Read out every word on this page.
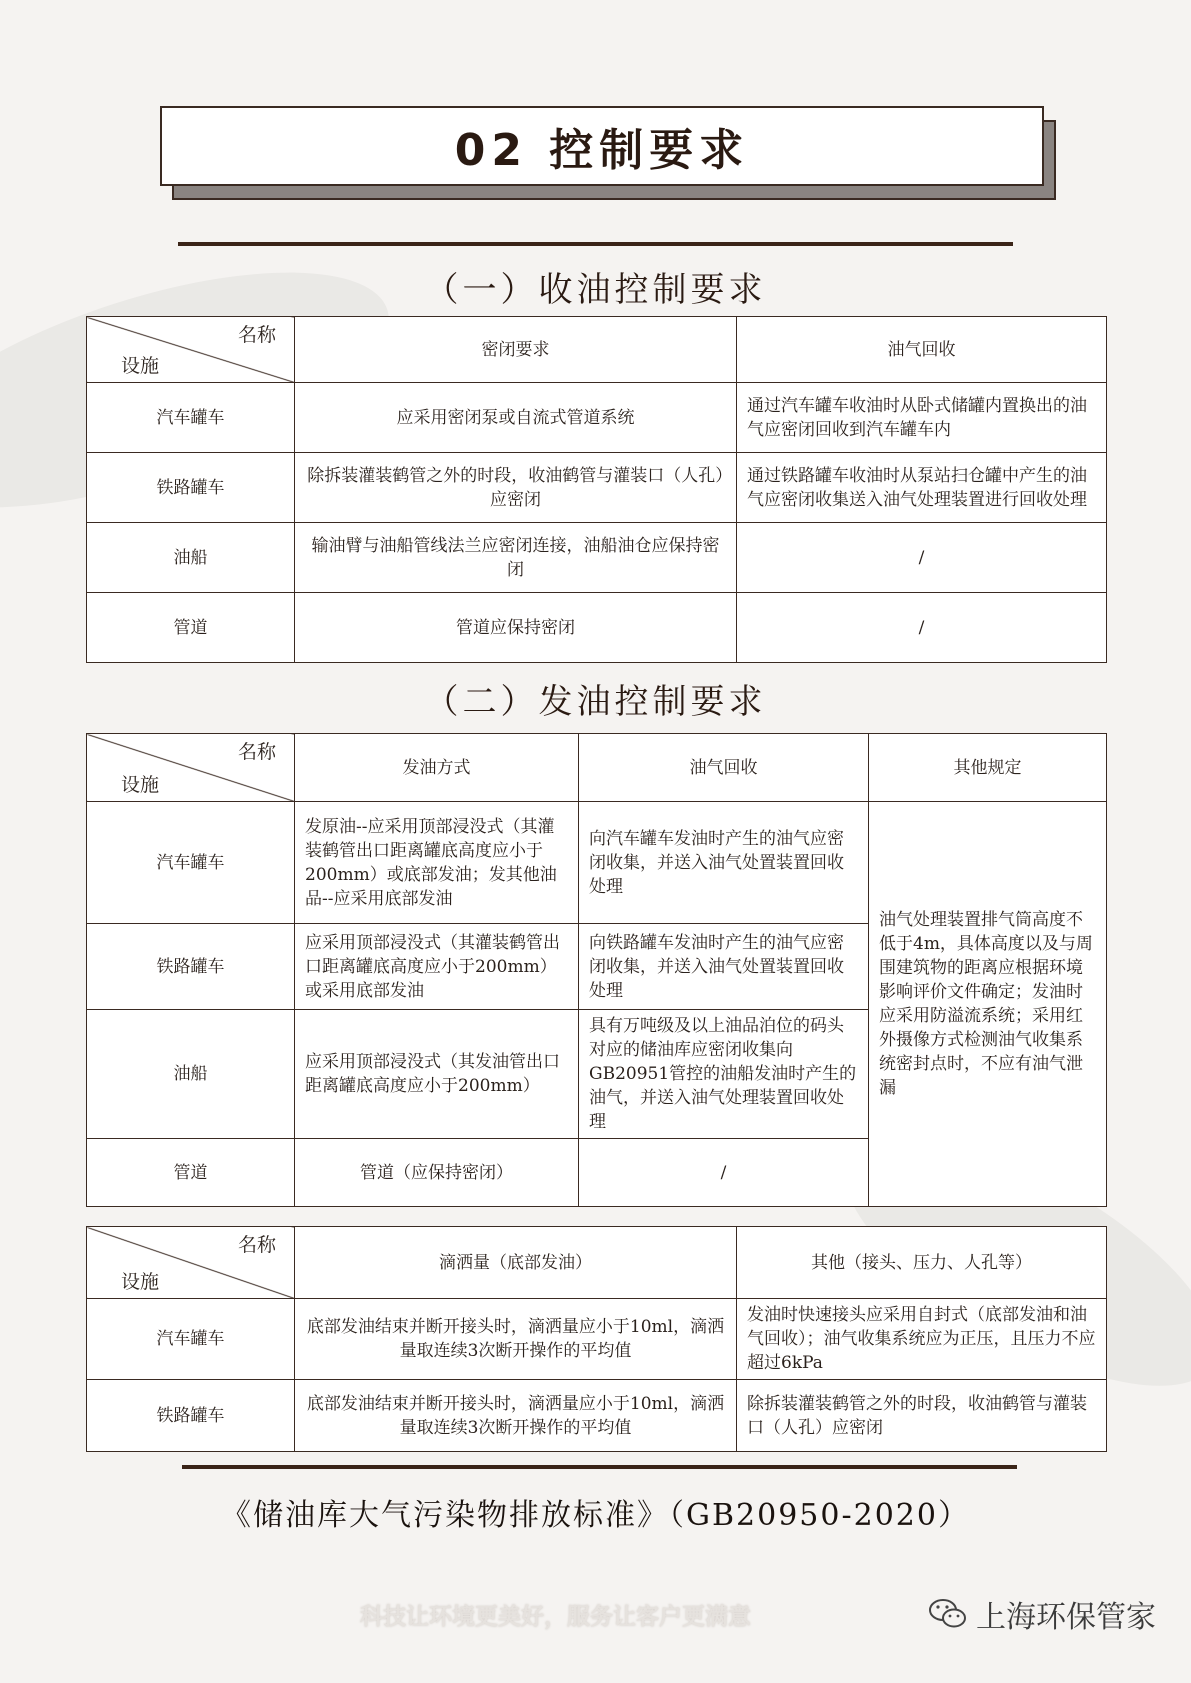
02 控制要求
（一）收油控制要求
名称
设施	密闭要求	油气回收
汽车罐车	应采用密闭泵或自流式管道系统	通过汽车罐车收油时从卧式储罐内置换出的油气应密闭回收到汽车罐车内
铁路罐车	除拆装灌装鹤管之外的时段，收油鹤管与灌装口（人孔）应密闭	通过铁路罐车收油时从泵站扫仓罐中产生的油气应密闭收集送入油气处理装置进行回收处理
油船	输油臂与油船管线法兰应密闭连接，油船油仓应保持密闭	/
管道	管道应保持密闭	/
（二）发油控制要求
名称
设施	发油方式	油气回收	其他规定
汽车罐车	发原油--应采用顶部浸没式（其灌装鹤管出口距离罐底高度应小于200mm）或底部发油；发其他油品--应采用底部发油	向汽车罐车发油时产生的油气应密闭收集，并送入油气处置装置回收处理	油气处理装置排气筒高度不低于4m，具体高度以及与周围建筑物的距离应根据环境影响评价文件确定；发油时应采用防溢流系统；采用红外摄像方式检测油气收集系统密封点时，不应有油气泄漏
铁路罐车	应采用顶部浸没式（其灌装鹤管出口距离罐底高度应小于200mm）或采用底部发油	向铁路罐车发油时产生的油气应密闭收集，并送入油气处置装置回收处理	
油船	应采用顶部浸没式（其发油管出口距离罐底高度应小于200mm）	具有万吨级及以上油品泊位的码头对应的储油库应密闭收集向GB20951管控的油船发油时产生的油气，并送入油气处理装置回收处理	
管道	管道（应保持密闭）	/	
名称
设施	滴洒量（底部发油）	其他（接头、压力、人孔等）
汽车罐车	底部发油结束并断开接头时，滴洒量应小于10ml，滴洒量取连续3次断开操作的平均值	发油时快速接头应采用自封式（底部发油和油气回收）；油气收集系统应为正压，且压力不应超过6kPa
铁路罐车	底部发油结束并断开接头时，滴洒量应小于10ml，滴洒量取连续3次断开操作的平均值	除拆装灌装鹤管之外的时段，收油鹤管与灌装口（人孔）应密闭
《储油库大气污染物排放标准》（GB20950-2020）
科技让环境更美好，服务让客户更满意	上海环保管家
